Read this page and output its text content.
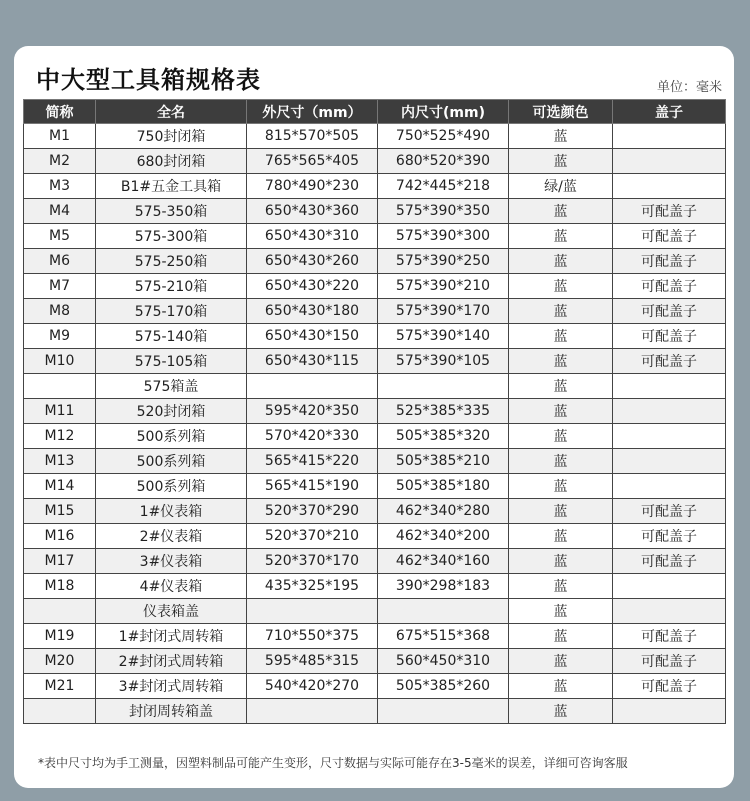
中大型工具箱规格表	单位：毫米
简称	全名	外尺寸（mm）	内尺寸(mm)	可选颜色	盖子
M1	750封闭箱	815*570*505	750*525*490	蓝	
M2	680封闭箱	765*565*405	680*520*390	蓝	
M3	B1#五金工具箱	780*490*230	742*445*218	绿/蓝	
M4	575-350箱	650*430*360	575*390*350	蓝	可配盖子
M5	575-300箱	650*430*310	575*390*300	蓝	可配盖子
M6	575-250箱	650*430*260	575*390*250	蓝	可配盖子
M7	575-210箱	650*430*220	575*390*210	蓝	可配盖子
M8	575-170箱	650*430*180	575*390*170	蓝	可配盖子
M9	575-140箱	650*430*150	575*390*140	蓝	可配盖子
M10	575-105箱	650*430*115	575*390*105	蓝	可配盖子
	575箱盖			蓝	
M11	520封闭箱	595*420*350	525*385*335	蓝	
M12	500系列箱	570*420*330	505*385*320	蓝	
M13	500系列箱	565*415*220	505*385*210	蓝	
M14	500系列箱	565*415*190	505*385*180	蓝	
M15	1#仪表箱	520*370*290	462*340*280	蓝	可配盖子
M16	2#仪表箱	520*370*210	462*340*200	蓝	可配盖子
M17	3#仪表箱	520*370*170	462*340*160	蓝	可配盖子
M18	4#仪表箱	435*325*195	390*298*183	蓝	
	仪表箱盖			蓝	
M19	1#封闭式周转箱	710*550*375	675*515*368	蓝	可配盖子
M20	2#封闭式周转箱	595*485*315	560*450*310	蓝	可配盖子
M21	3#封闭式周转箱	540*420*270	505*385*260	蓝	可配盖子
	封闭周转箱盖			蓝	
*表中尺寸均为手工测量，因塑料制品可能产生变形，尺寸数据与实际可能存在3-5毫米的误差，详细可咨询客服
